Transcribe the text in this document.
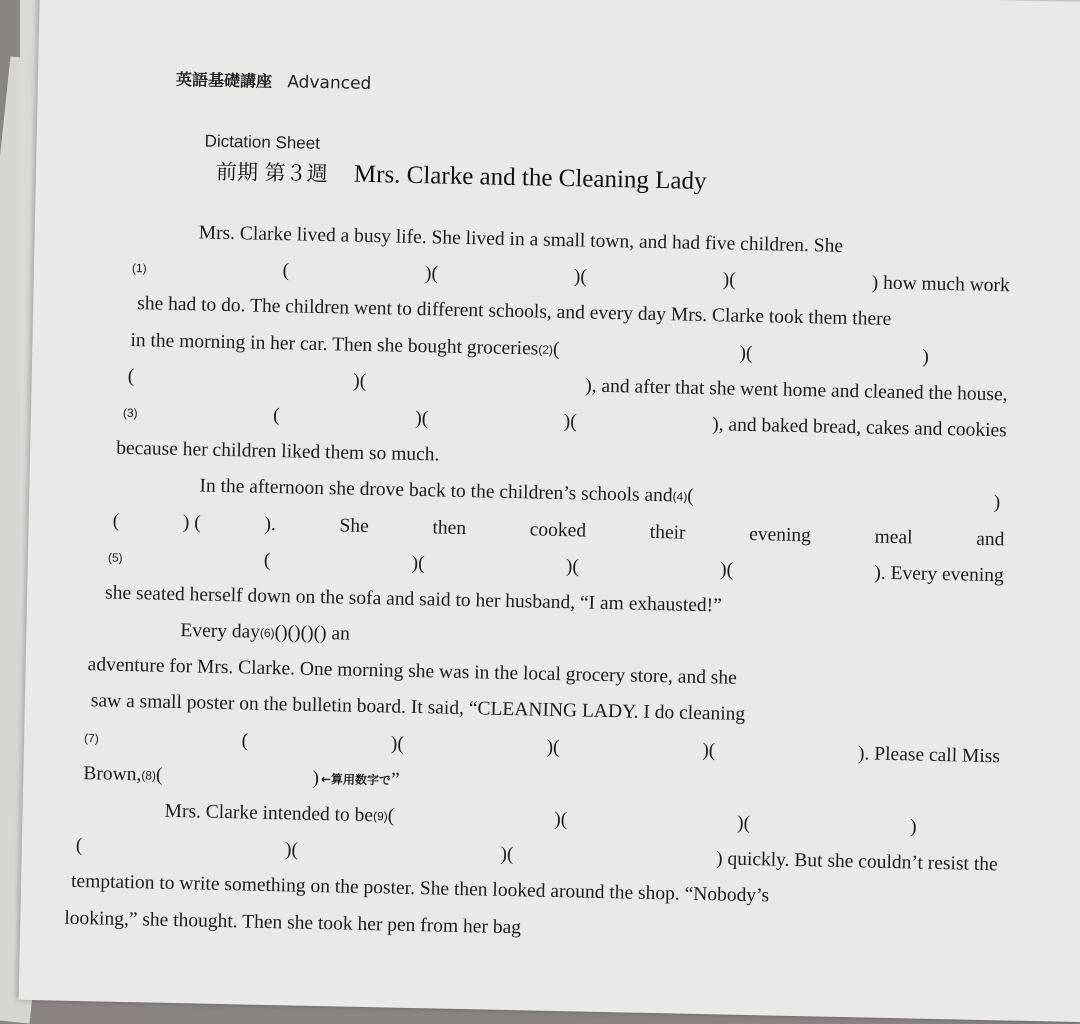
英語基礎講座 Advanced
Dictation Sheet
前期 第３週 Mrs. Clarke and the Cleaning Lady
Mrs. Clarke lived a busy life. She lived in a small town, and had five children. She
(1)	(	)(	)(	)(	) how much work
she had to do. The children went to different schools, and every day Mrs. Clarke took them there
in the morning in her car. Then she bought groceries (2) (	)(	)
(	)(	), and after that she went home and cleaned the house,
(3)	(	)(	)(	), and baked bread, cakes and cookies
because her children liked them so much.
In the afternoon she drove back to the children’s schools and (4) (	)
(	) (	).	She	then	cooked	their	evening	meal	and
(5)	(	)(	)(	)(	). Every evening
she seated herself down on the sofa and said to her husband, “I am exhausted!”
Every day (6) ( )( )( )( ) an
adventure for Mrs. Clarke. One morning she was in the local grocery store, and she
saw a small poster on the bulletin board. It said, “CLEANING LADY. I do cleaning
(7)	(	)(	)(	)(	). Please call Miss
Brown, (8) (	) ←算用数字で ”
Mrs. Clarke intended to be (9) (	)(	)(	)
(	)(	)(	) quickly. But she couldn’t resist the
temptation to write something on the poster. She then looked around the shop. “Nobody’s
looking,” she thought. Then she took her pen from her bag
